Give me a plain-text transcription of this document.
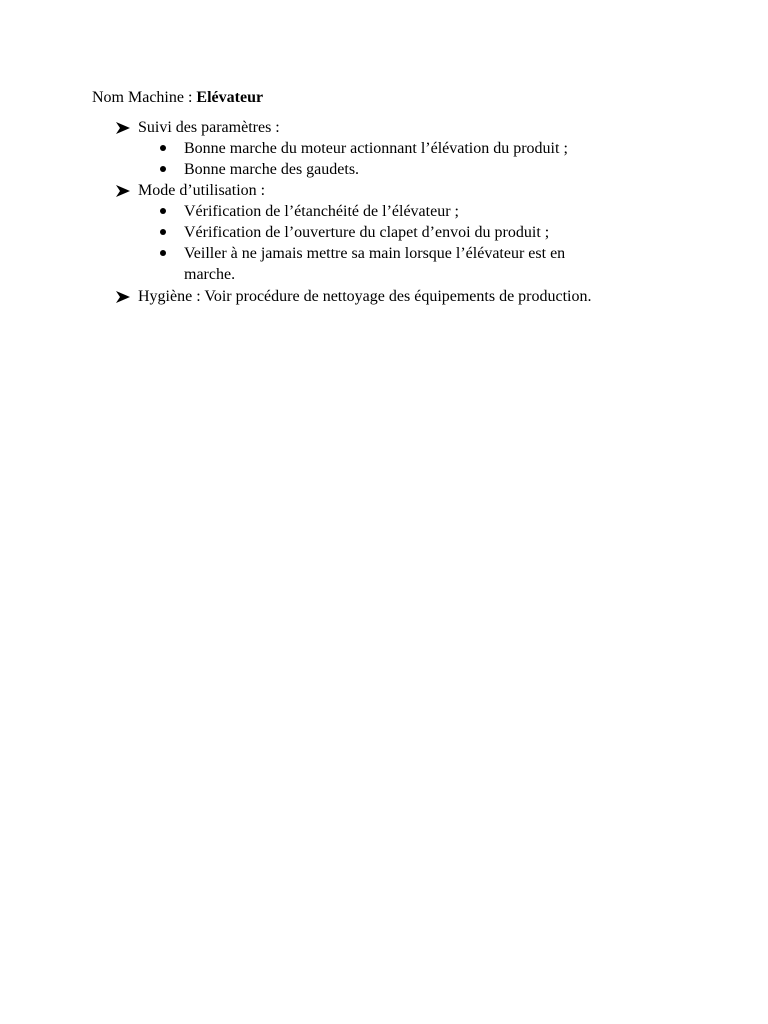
Nom Machine : Elévateur
Suivi des paramètres :
Bonne marche du moteur actionnant l’élévation du produit ;
Bonne marche des gaudets.
Mode d’utilisation :
Vérification de l’étanchéité de l’élévateur ;
Vérification de l’ouverture du clapet d’envoi du produit ;
Veiller à ne jamais mettre sa main lorsque l’élévateur est en marche.
Hygiène : Voir procédure de nettoyage des équipements de production.
